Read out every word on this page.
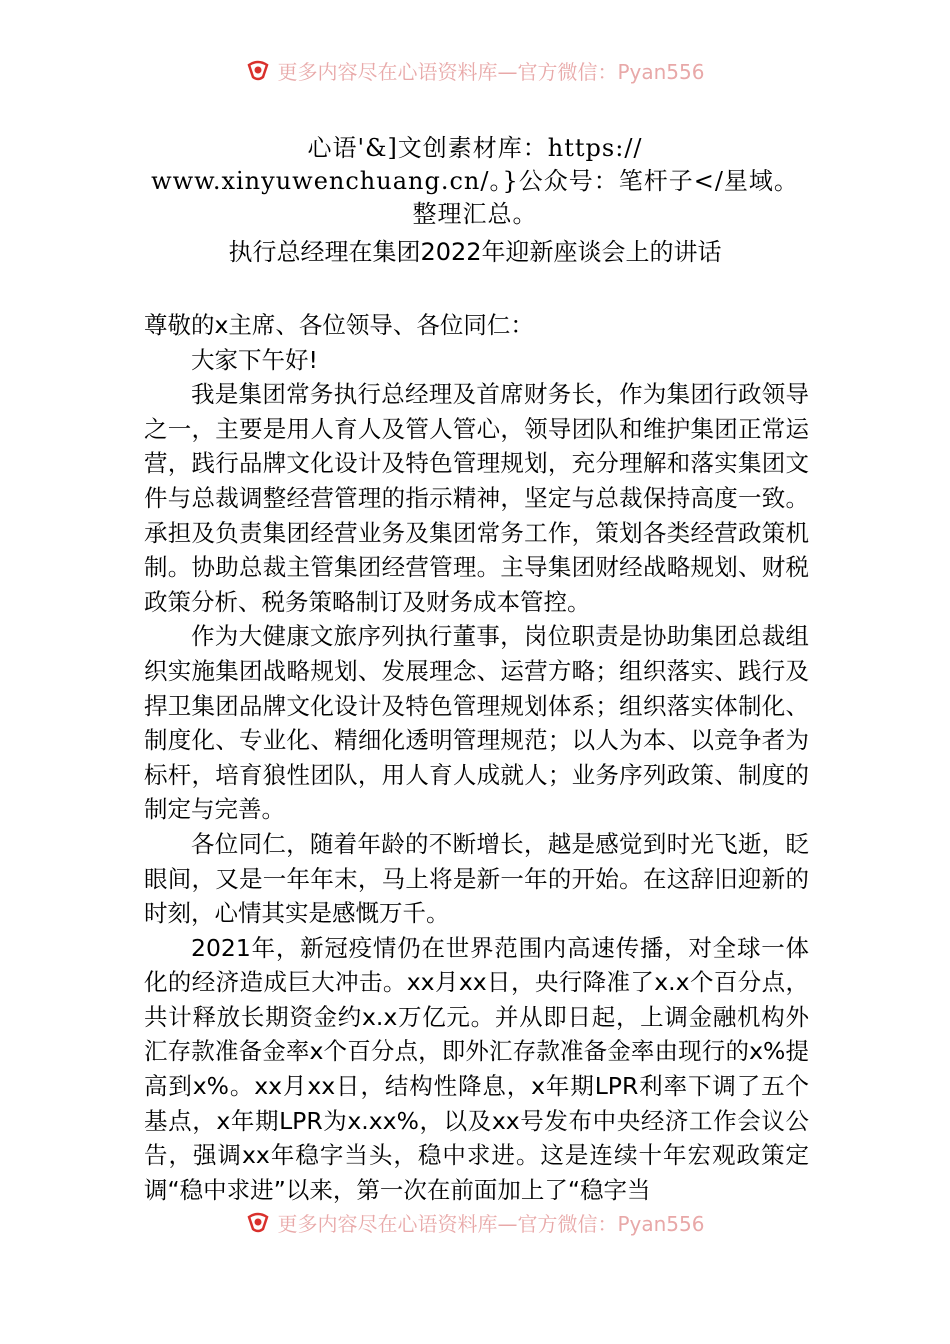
更多内容尽在心语资料库—官方微信：Pyan556
心语'&]文创素材库：https://
www.xinyuwenchuang.cn/。}公众号：笔杆子</星域。
整理汇总。
执行总经理在集团2022年迎新座谈会上的讲话

尊敬的x主席、各位领导、各位同仁：

大家下午好!

我是集团常务执行总经理及首席财务长，作为集团行政领导之一，主要是用人育人及管人管心，领导团队和维护集团正常运营，践行品牌文化设计及特色管理规划，充分理解和落实集团文件与总裁调整经营管理的指示精神，坚定与总裁保持高度一致。承担及负责集团经营业务及集团常务工作，策划各类经营政策机制。协助总裁主管集团经营管理。主导集团财经战略规划、财税政策分析、税务策略制订及财务成本管控。

作为大健康文旅序列执行董事，岗位职责是协助集团总裁组织实施集团战略规划、发展理念、运营方略；组织落实、践行及捍卫集团品牌文化设计及特色管理规划体系；组织落实体制化、制度化、专业化、精细化透明管理规范；以人为本、以竞争者为标杆，培育狼性团队，用人育人成就人；业务序列政策、制度的制定与完善。

各位同仁，随着年龄的不断增长，越是感觉到时光飞逝，眨眼间，又是一年年末，马上将是新一年的开始。在这辞旧迎新的时刻，心情其实是感慨万千。

2021年，新冠疫情仍在世界范围内高速传播，对全球一体化的经济造成巨大冲击。xx月xx日，央行降准了x.x个百分点，共计释放长期资金约x.x万亿元。并从即日起，上调金融机构外汇存款准备金率x个百分点，即外汇存款准备金率由现行的x%提高到x%。xx月xx日，结构性降息，x年期LPR利率下调了五个基点，x年期LPR为x.xx%，以及xx号发布中央经济工作会议公告，强调xx年稳字当头，稳中求进。这是连续十年宏观政策定调“稳中求进”以来，第一次在前面加上了“稳字当

更多内容尽在心语资料库—官方微信：Pyan556
